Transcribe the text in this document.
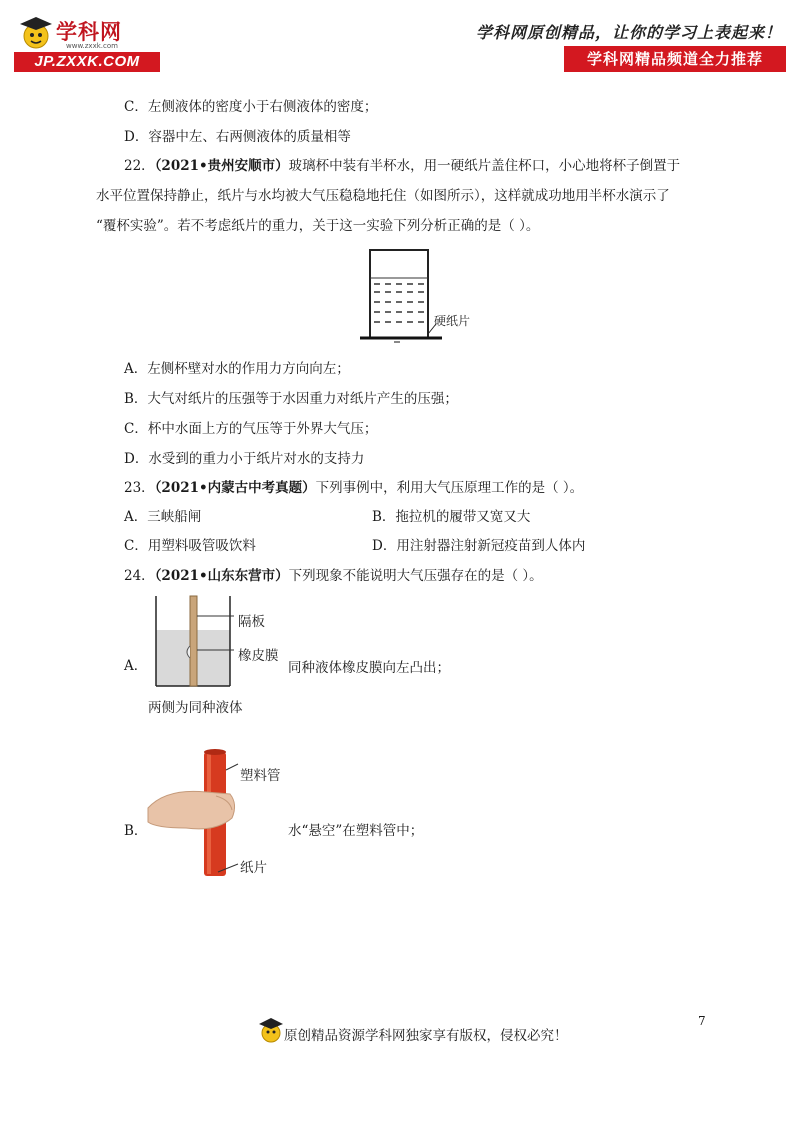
学科网
www.zxxk.com
JP.ZXXK.COM
学科网原创精品，让你的学习上表起来！
学科网精品频道全力推荐
C．左侧液体的密度小于右侧液体的密度；
D．容器中左、右两侧液体的质量相等
22．（2021•贵州安顺市）玻璃杯中装有半杯水，用一硬纸片盖住杯口，小心地将杯子倒置于
水平位置保持静止，纸片与水均被大气压稳稳地托住（如图所示），这样就成功地用半杯水演示了
“覆杯实验”。若不考虑纸片的重力，关于这一实验下列分析正确的是（ ）。
硬纸片
A．左侧杯壁对水的作用力方向向左；
B．大气对纸片的压强等于水因重力对纸片产生的压强；
C．杯中水面上方的气压等于外界大气压；
D．水受到的重力小于纸片对水的支持力
23．（2021•内蒙古中考真题）下列事例中，利用大气压原理工作的是（ ）。
A．三峡船闸	B．拖拉机的履带又宽又大
C．用塑料吸管吸饮料	D．用注射器注射新冠疫苗到人体内
24．（2021•山东东营市）下列现象不能说明大气压强存在的是（ ）。
隔板
橡皮膜
A．	同种液体橡皮膜向左凸出；
两侧为同种液体
塑料管
纸片
B．	水“悬空”在塑料管中；
7
原创精品资源学科网独家享有版权，侵权必究！
